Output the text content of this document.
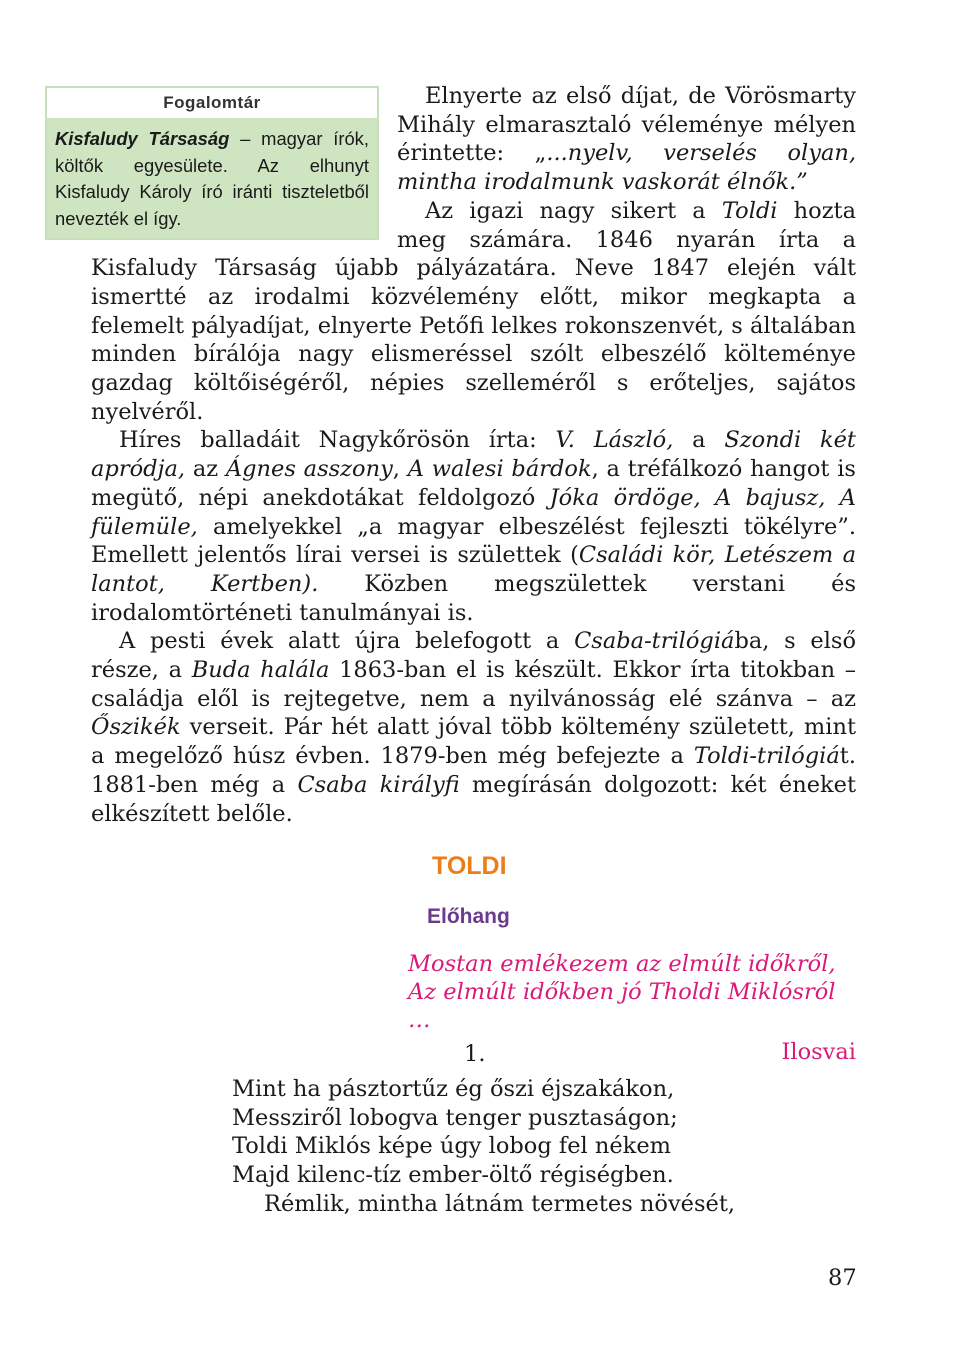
Fogalomtár
Kisfaludy Társaság – magyar írók, költők egyesülete. Az elhunyt Kisfaludy Károly író iránti tiszteletből nevezték el így.

Elnyerte az első díjat, de Vörösmarty Mihály elmarasztaló véleménye mélyen érintette: „...nyelv, verselés olyan, mintha irodalmunk vaskorát élnők.”

Az igazi nagy sikert a Toldi hozta meg számára. 1846 nyarán írta a Kisfaludy Társaság újabb pályázatára. Neve 1847 elején vált ismertté az irodalmi közvélemény előtt, mikor megkapta a felemelt pályadíjat, elnyerte Petőfi lelkes rokonszenvét, s általában minden bírálója nagy elismeréssel szólt elbeszélő költeménye gazdag költőiségéről, népies szelleméről s erőteljes, sajátos nyelvéről.

Híres balladáit Nagykőrösön írta: V. László, a Szondi két apródja, az Ágnes asszony, A walesi bárdok, a tréfálkozó hangot is megütő, népi anekdotákat feldolgozó Jóka ördöge, A bajusz, A fülemüle, amelyekkel „a magyar elbeszélést fejleszti tökélyre”. Emellett jelentős lírai versei is születtek (Családi kör, Letészem a lantot, Kertben). Közben megszülettek verstani és irodalomtörténeti tanulmányai is.

A pesti évek alatt újra belefogott a Csaba-trilógiába, s első része, a Buda halála 1863-ban el is készült. Ekkor írta titokban – családja elől is rejtegetve, nem a nyilvánosság elé szánva – az Őszikék verseit. Pár hét alatt jóval több költemény született, mint a megelőző húsz évben. 1879-ben még befejezte a Toldi-trilógiát. 1881-ben még a Csaba királyfi megírásán dolgozott: két éneket elkészített belőle.

TOLDI
Előhang
Mostan emlékezem az elmúlt időkről,
Az elmúlt időkben jó Tholdi Miklósról …
Ilosvai
1.
Mint ha pásztortűz ég őszi éjszakákon,
Messziről lobogva tenger pusztaságon;
Toldi Miklós képe úgy lobog fel nékem
Majd kilenc-tíz ember-öltő régiségben.
Rémlik, mintha látnám termetes növését,
87
